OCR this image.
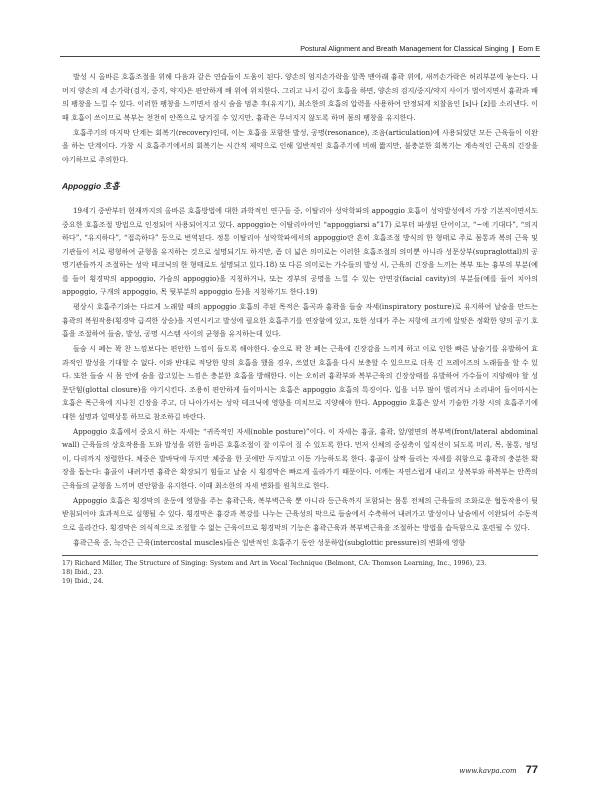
Postural Alignment and Breath Management for Classical Singing ❙ Eom E

발성 시 올바른 호흡조절을 위해 다음과 같은 연습들이 도움이 된다. 양손의 엄지손가락을 앞쪽 맨아래 흉곽 위에, 새끼손가락은 허리부분에 놓는다. 나머지 양손의 세 손가락(검지, 중지, 약지)은 편안하게 배 위에 위치한다. 그리고 나서 깊이 호흡을 하면, 양손의 검지/중지/약지 사이가 벌어지면서 흉곽과 배의 팽창을 느낄 수 있다. 이러한 팽창을 느끼면서 잠시 숨을 멈춘 후(유지기), 최소한의 호흡의 압력을 사용하여 안정되게 치찰음인 [s]나 [z]를 소리낸다. 이 때 호흡이 쓰이므로 복부는 천천히 안쪽으로 당겨질 수 있지만, 흉곽은 무너지지 않도록 하며 몸의 팽창을 유지한다.

호흡주기의 마지막 단계는 회복기(recovery)인데, 이는 호흡을 포함한 발성, 공명(resonance), 조음(articulation)에 사용되었던 모든 근육들이 이완을 하는 단계이다. 가창 시 호흡주기에서의 회복기는 시간적 제약으로 인해 일반적인 호흡주기에 비해 짧지만, 불충분한 회복기는 계속적인 근육의 긴장을 야기하므로 주의한다.

Appoggio 호흡

19세기 중반부터 현재까지의 올바른 호흡방법에 대한 과학적인 연구들 중, 이탈리아 성악학파의 appoggio 호흡이 성악발성에서 가장 기본적이면서도 중요한 호흡조절 방법으로 인정되어 사용되어지고 있다. appoggio는 이탈리아어인 “appoggiarsi a”17) 로부터 파생된 단어이고, “~에 기대다”, “의지하다”, “유지하다”, “접촉하다” 등으로 번역된다. 정통 이탈리아 성악학파에서의 appoggio란 흔히 호흡조절 방식의 한 형태로 주로 몸통과 복의 근육 및 기관들이 서로 평형하여 균형을 유지하는 것으로 설명되기도 하지만, 좀 더 넓은 의미로는 이러한 호흡조절의 의미뿐 아니라 성문상부(supraglottal)의 공명기관들까지 조절하는 성악 테크닉의 한 형태로도 설명되고 있다.18) 또 다른 의미로는 가수들의 발성 시, 근육의 긴장을 느끼는 복부 또는 흉부의 부분(예를 들어 횡경막의 appoggio, 가슴의 appoggio)을 지칭하거나, 또는 경부의 공명을 느낄 수 있는 안면강(facial cavity)의 부분들(예를 들어 치아의 appoggio, 구개의 appoggio, 목 뒷부분의 appoggio 등)을 지칭하기도 한다.19)

평상시 호흡주기와는 다르게 노래할 때의 appoggio 호흡의 주된 목적은 흡곡과 흉곽을 들숨 자세(inspiratory posture)로 유지하여 날숨을 만드는 흉곽의 복원작용(횡경막 급격한 상승)을 지연시키고 발성에 필요한 호흡주기를 연장함에 있고, 또한 성대가 주는 저항에 크기에 알맞은 정확한 양의 공기 호흡을 조절하여 들숨, 발성, 공명 시스템 사이의 균형을 유지하는데 있다.

들숨 시 폐는 꽉 찬 느낌보다는 편안한 느낌이 들도록 해야한다. 숨으로 꽉 찬 폐는 근육에 긴장감을 느끼게 하고 이로 인한 빠른 날숨기를 유발하여 효과적인 발성을 기대할 수 없다. 이와 반대로 적당한 양의 호흡을 했을 경우, 쓰였던 호흡을 다시 보충할 수 있으므로 더욱 긴 프레이즈의 노래들을 할 수 있다. 또한 들숨 시 몸 안에 숨을 잡고있는 느낌은 충분한 호흡을 방해한다. 이는 오히려 흉곽부와 복부근육의 긴장상태를 유발하여 가수들이 지양해야 할 성문단힘(glottal closure)을 야기시킨다. 조용히 편안하게 들이마시는 호흡은 appoggio 호흡의 특징이다. 입을 너무 많이 벌리거나 소리내어 들이마시는 호흡은 목근육에 지나친 긴장을 주고, 더 나아가서는 성악 테크닉에 영향을 미치므로 지양해야 한다. Appoggio 호흡은 앞서 기술한 가창 시의 호흡주기에 대한 설명과 일맥상통 하므로 참조하길 바란다.

Appoggio 호흡에서 중요시 하는 자세는 “귀족적인 자세(noble posture)”이다. 이 자세는 흉골, 흉곽, 앞/옆면의 복부벽(front/lateral abdominal wall) 근육들의 상호작용을 도와 발성을 위한 올바른 호흡조절이 잘 이루어 질 수 있도록 한다. 먼저 신체의 중심축이 일직선이 되도록 머리, 목, 몸통, 엉덩이, 다리까지 정렬한다. 체중은 발바닥에 두지만 체중을 한 곳에만 두지말고 이동 가능하도록 한다. 흉골이 살짝 들리는 자세를 취함으로 흉곽의 충분한 확장을 돕는다: 흉골이 내려가면 흉곽은 확장되기 힘들고 날숨 시 횡경막은 빠르게 올라가기 때문이다. 어깨는 자연스럽게 내리고 상복부와 하복부는 안쪽의 근육들의 균형을 느끼며 편안함을 유지한다. 이때 최소한의 자세 변화를 원칙으로 한다.

Appoggio 호흡은 횡경막의 운동에 영향을 주는 흉곽근육, 복부벽근육 뿐 아니라 등근육까지 포함되는 몸통 전체의 근육들의 조화로운 협동작용이 뒷받침되어야 효과적으로 실행될 수 있다. 횡경막은 흉강과 복강를 나누는 근육성의 막으로 들숨에서 수축하여 내려가고 발성이나 날숨에서 이완되어 수동적으로 올라간다. 횡경막은 의식적으로 조절할 수 없는 근육이므로 횡경막의 기능은 흉곽근육과 복부벽근육을 조절하는 방법을 습득함으로 훈련될 수 있다.

흉곽근육 중, 늑간근 근육(intercostal muscles)들은 일반적인 호흡주기 동안 성문하압(subglottic pressure)의 변화에 영향

17) Richard Miller, The Structure of Singing: System and Art in Vocal Technique (Belmont, CA: Thomson Learning, Inc., 1996), 23.

18) Ibid., 23.

19) Ibid., 24.

www.kavpa.com 77
